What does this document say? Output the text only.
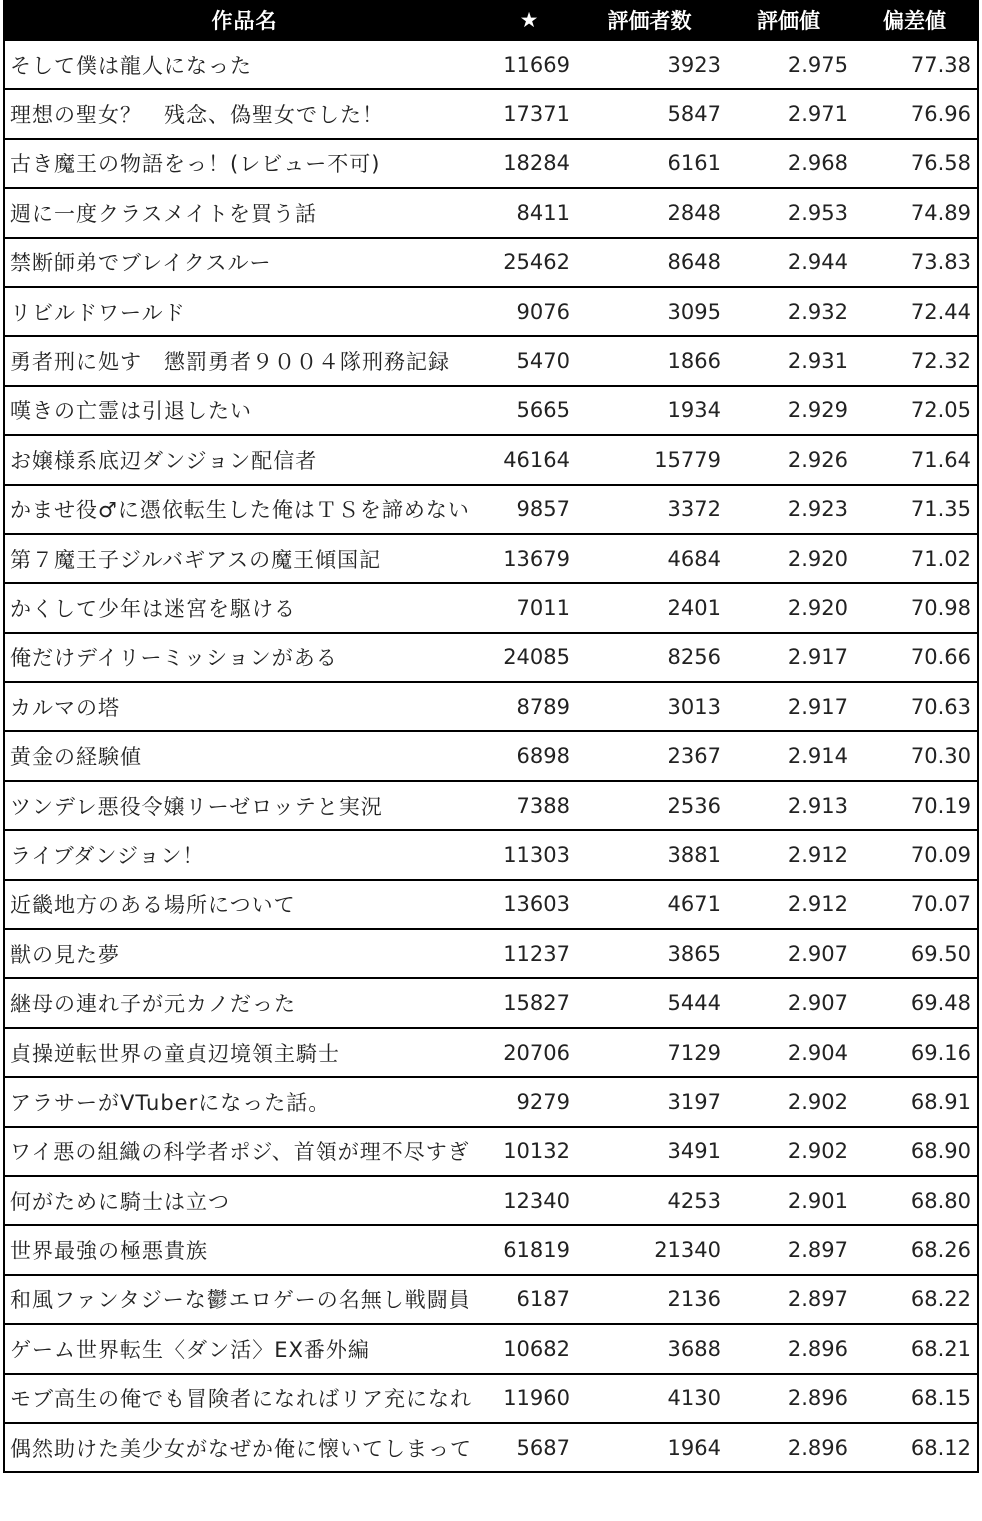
作品名	★	評価者数	評価値	偏差値
そして僕は龍人になった	11669	3923	2.975	77.38
理想の聖女？　残念、偽聖女でした！	17371	5847	2.971	76.96
古き魔王の物語をっ！(レビュー不可)	18284	6161	2.968	76.58
週に一度クラスメイトを買う話	8411	2848	2.953	74.89
禁断師弟でブレイクスルー	25462	8648	2.944	73.83
リビルドワールド	9076	3095	2.932	72.44
勇者刑に処す　懲罰勇者９００４隊刑務記録	5470	1866	2.931	72.32
嘆きの亡霊は引退したい	5665	1934	2.929	72.05
お嬢様系底辺ダンジョン配信者	46164	15779	2.926	71.64
かませ役♂に憑依転生した俺はＴＳを諦めない	9857	3372	2.923	71.35
第７魔王子ジルバギアスの魔王傾国記	13679	4684	2.920	71.02
かくして少年は迷宮を駆ける	7011	2401	2.920	70.98
俺だけデイリーミッションがある	24085	8256	2.917	70.66
カルマの塔	8789	3013	2.917	70.63
黄金の経験値	6898	2367	2.914	70.30
ツンデレ悪役令嬢リーゼロッテと実況	7388	2536	2.913	70.19
ライブダンジョン！	11303	3881	2.912	70.09
近畿地方のある場所について	13603	4671	2.912	70.07
獣の見た夢	11237	3865	2.907	69.50
継母の連れ子が元カノだった	15827	5444	2.907	69.48
貞操逆転世界の童貞辺境領主騎士	20706	7129	2.904	69.16
アラサーがVTuberになった話。	9279	3197	2.902	68.91
ワイ悪の組織の科学者ポジ、首領が理不尽すぎ	10132	3491	2.902	68.90
何がために騎士は立つ	12340	4253	2.901	68.80
世界最強の極悪貴族	61819	21340	2.897	68.26
和風ファンタジーな鬱エロゲーの名無し戦闘員	6187	2136	2.897	68.22
ゲーム世界転生〈ダン活〉EX番外編	10682	3688	2.896	68.21
モブ高生の俺でも冒険者になればリア充になれ	11960	4130	2.896	68.15
偶然助けた美少女がなぜか俺に懐いてしまって	5687	1964	2.896	68.12
